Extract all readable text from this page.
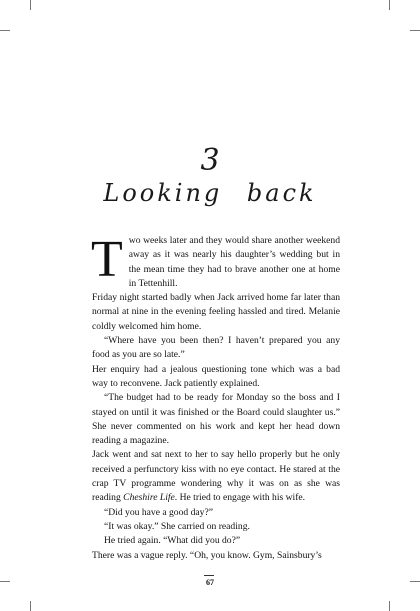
3
Looking back

Two weeks later and they would share another weekend away as it was nearly his daughter’s wedding but in the mean time they had to brave another one at home in Tettenhill.

Friday night started badly when Jack arrived home far later than normal at nine in the evening feeling hassled and tired. Melanie coldly welcomed him home.

“Where have you been then? I haven’t prepared you any food as you are so late.”

Her enquiry had a jealous questioning tone which was a bad way to reconvene. Jack patiently explained.

“The budget had to be ready for Monday so the boss and I stayed on until it was finished or the Board could slaughter us.” She never commented on his work and kept her head down reading a magazine.

Jack went and sat next to her to say hello properly but he only received a perfunctory kiss with no eye contact. He stared at the crap TV programme wondering why it was on as she was reading Cheshire Life. He tried to engage with his wife.

“Did you have a good day?”

“It was okay.” She carried on reading.

He tried again. “What did you do?”

There was a vague reply. “Oh, you know. Gym, Sainsbury’s

67
